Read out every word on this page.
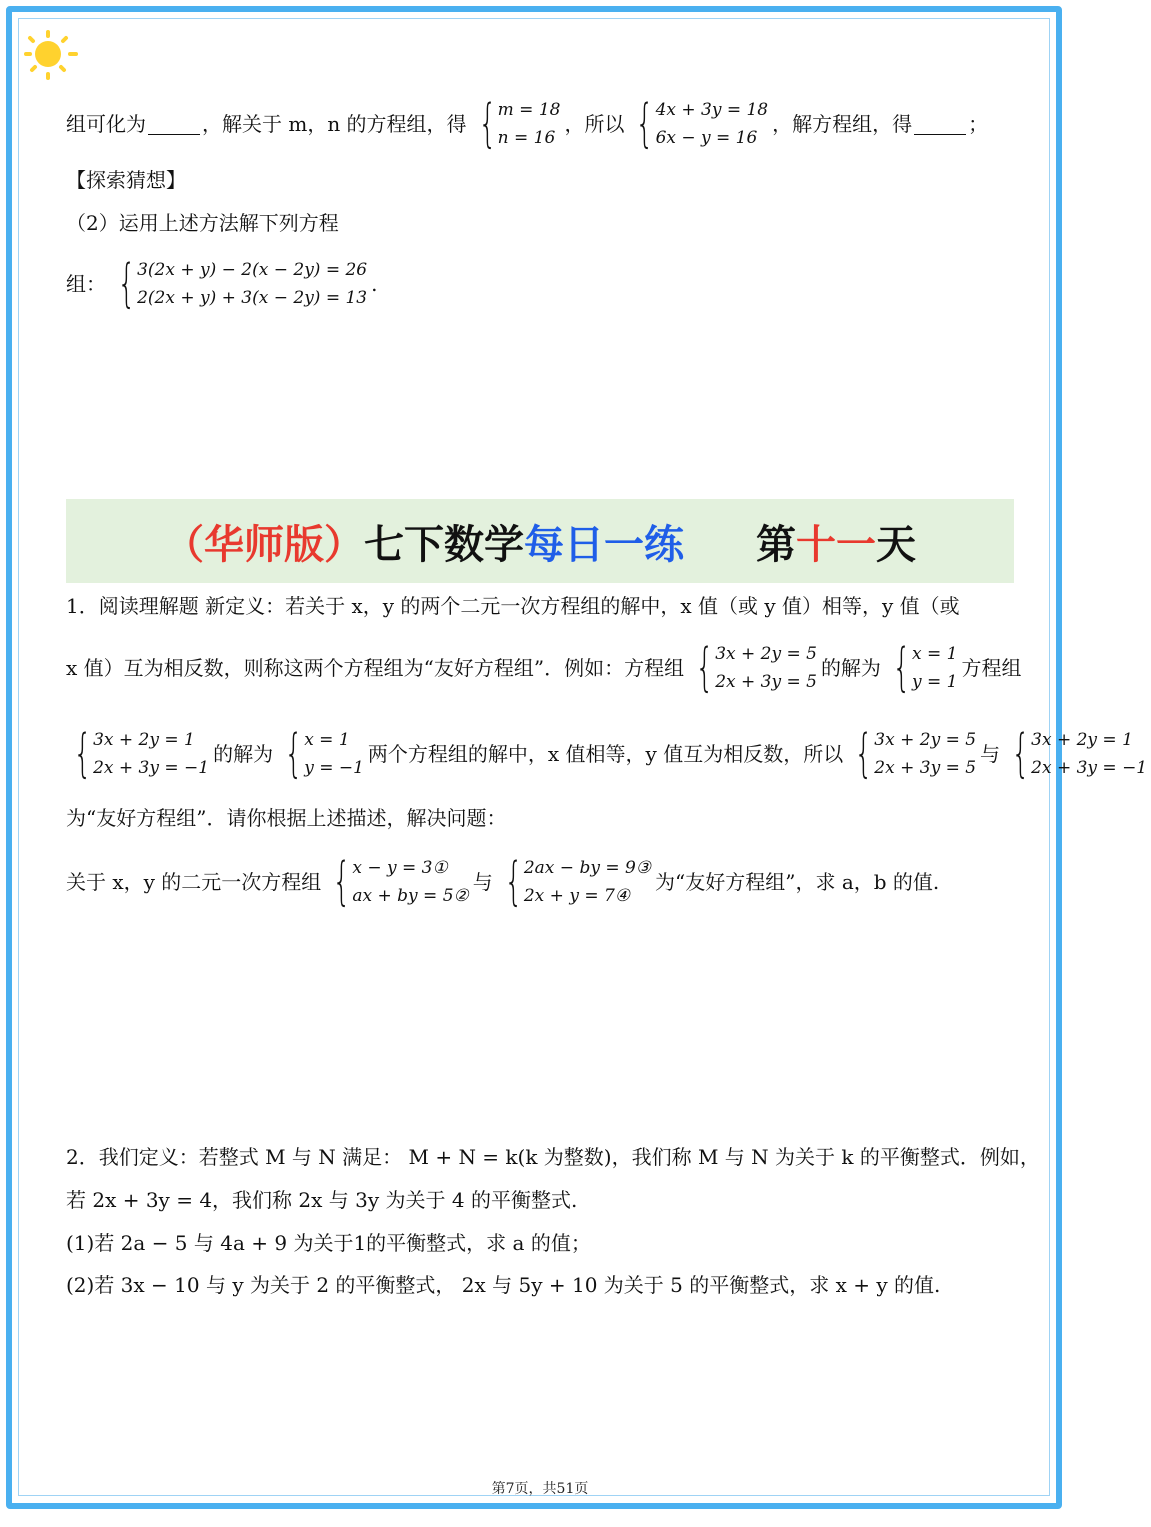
组可化为	，解关于 m，n 的方程组，得 { m = 18
n = 16
，所以 { 4x + 3y = 18
6x − y = 16
，解方程组，得	；
【探索猜想】
（2）运用上述方法解下列方程
组： { 3(2x + y) − 2(x − 2y) = 26
2(2x + y) + 3(x − 2y) = 13
.
（华师版） 七下数学 每日一练 第 十一 天
1．阅读理解题 新定义：若关于 x，y 的两个二元一次方程组的解中，x 值（或 y 值）相等，y 值（或
x 值）互为相反数，则称这两个方程组为“友好方程组”．例如：方程组 { 3x + 2y = 5
2x + 3y = 5
的解为 { x = 1
y = 1
方程组
{ 3x + 2y = 1
2x + 3y = −1
的解为 { x = 1
y = −1
两个方程组的解中，x 值相等，y 值互为相反数，所以 { 3x + 2y = 5
2x + 3y = 5
与 { 3x + 2y = 1
2x + 3y = −1
为“友好方程组”．请你根据上述描述，解决问题：
关于 x，y 的二元一次方程组 { x − y = 3①
ax + by = 5②
与 { 2ax − by = 9③
2x + y = 7④
为“友好方程组”，求 a，b 的值.
2．我们定义：若整式 M 与 N 满足： M + N = k(k 为整数)，我们称 M 与 N 为关于 k 的平衡整式．例如，
若 2x + 3y = 4，我们称 2x 与 3y 为关于 4 的平衡整式.
(1)若 2a − 5 与 4a + 9 为关于1的平衡整式，求 a 的值；
(2)若 3x − 10 与 y 为关于 2 的平衡整式， 2x 与 5y + 10 为关于 5 的平衡整式，求 x + y 的值.
第7页，共51页
